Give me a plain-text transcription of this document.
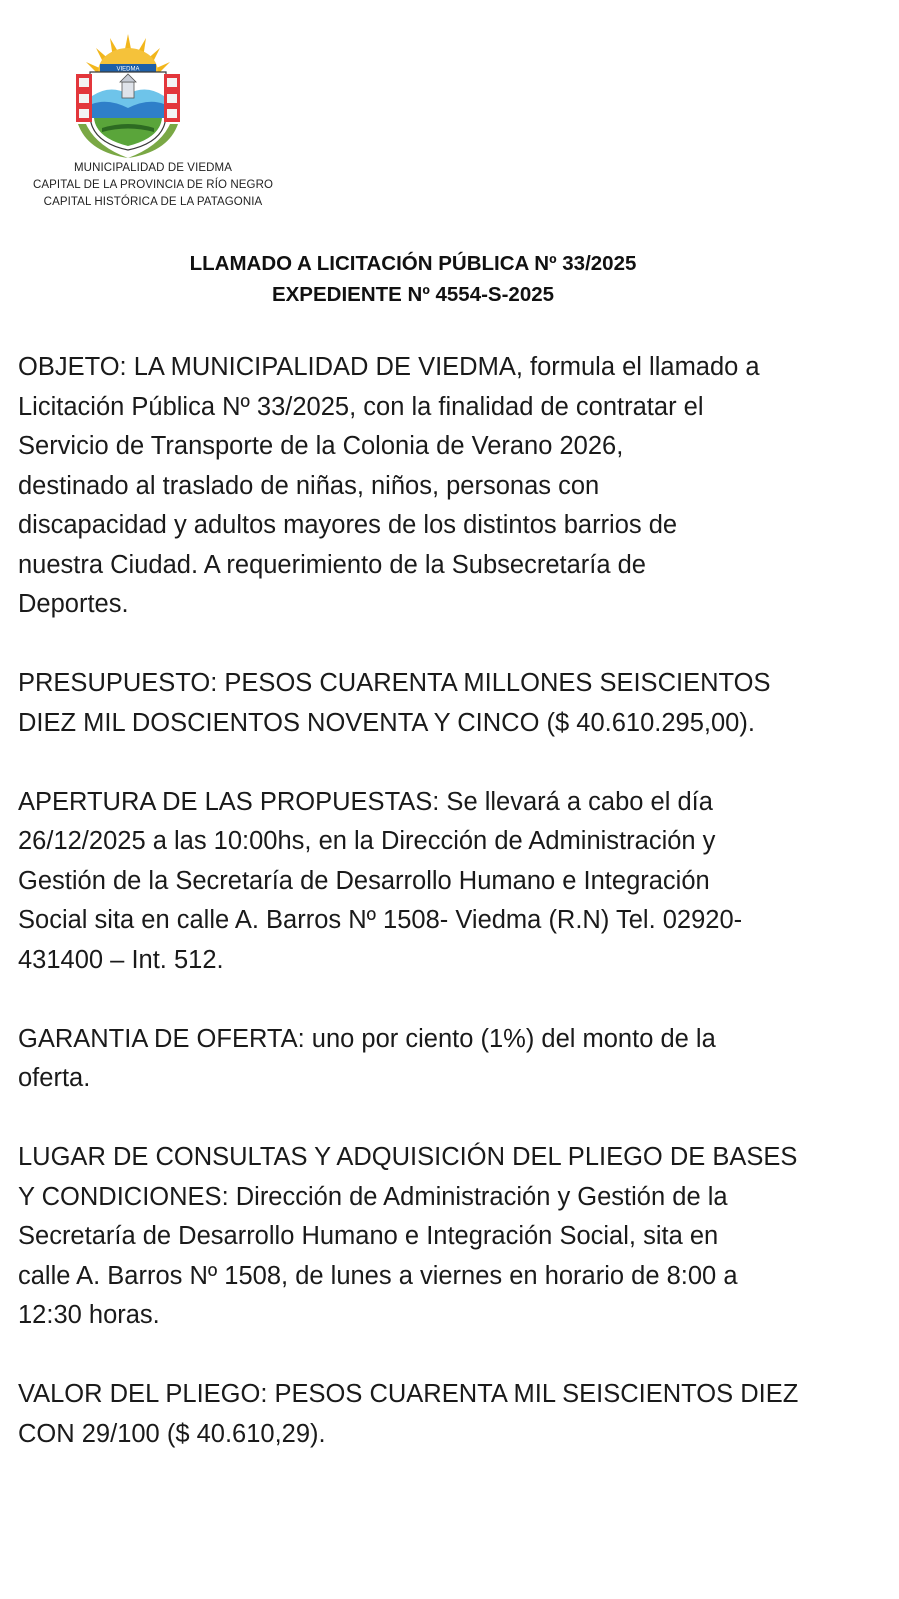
VIEDMA
MUNICIPALIDAD DE VIEDMA
CAPITAL DE LA PROVINCIA DE RÍO NEGRO
CAPITAL HISTÓRICA DE LA PATAGONIA
LLAMADO A LICITACIÓN PÚBLICA Nº 33/2025
EXPEDIENTE Nº 4554-S-2025
OBJETO: LA MUNICIPALIDAD DE VIEDMA, formula el llamado a
Licitación Pública Nº 33/2025, con la finalidad de contratar el
Servicio de Transporte de la Colonia de Verano 2026,
destinado al traslado de niñas, niños, personas con
discapacidad y adultos mayores de los distintos barrios de
nuestra Ciudad. A requerimiento de la Subsecretaría de
Deportes.
PRESUPUESTO: PESOS CUARENTA MILLONES SEISCIENTOS
DIEZ MIL DOSCIENTOS NOVENTA Y CINCO ($ 40.610.295,00).
APERTURA DE LAS PROPUESTAS: Se llevará a cabo el día
26/12/2025 a las 10:00hs, en la Dirección de Administración y
Gestión de la Secretaría de Desarrollo Humano e Integración
Social sita en calle A. Barros Nº 1508- Viedma (R.N) Tel. 02920-
431400 – Int. 512.
GARANTIA DE OFERTA: uno por ciento (1%) del monto de la
oferta.
LUGAR DE CONSULTAS Y ADQUISICIÓN DEL PLIEGO DE BASES
Y CONDICIONES: Dirección de Administración y Gestión de la
Secretaría de Desarrollo Humano e Integración Social, sita en
calle A. Barros Nº 1508, de lunes a viernes en horario de 8:00 a
12:30 horas.
VALOR DEL PLIEGO: PESOS CUARENTA MIL SEISCIENTOS DIEZ
CON 29/100 ($ 40.610,29).
